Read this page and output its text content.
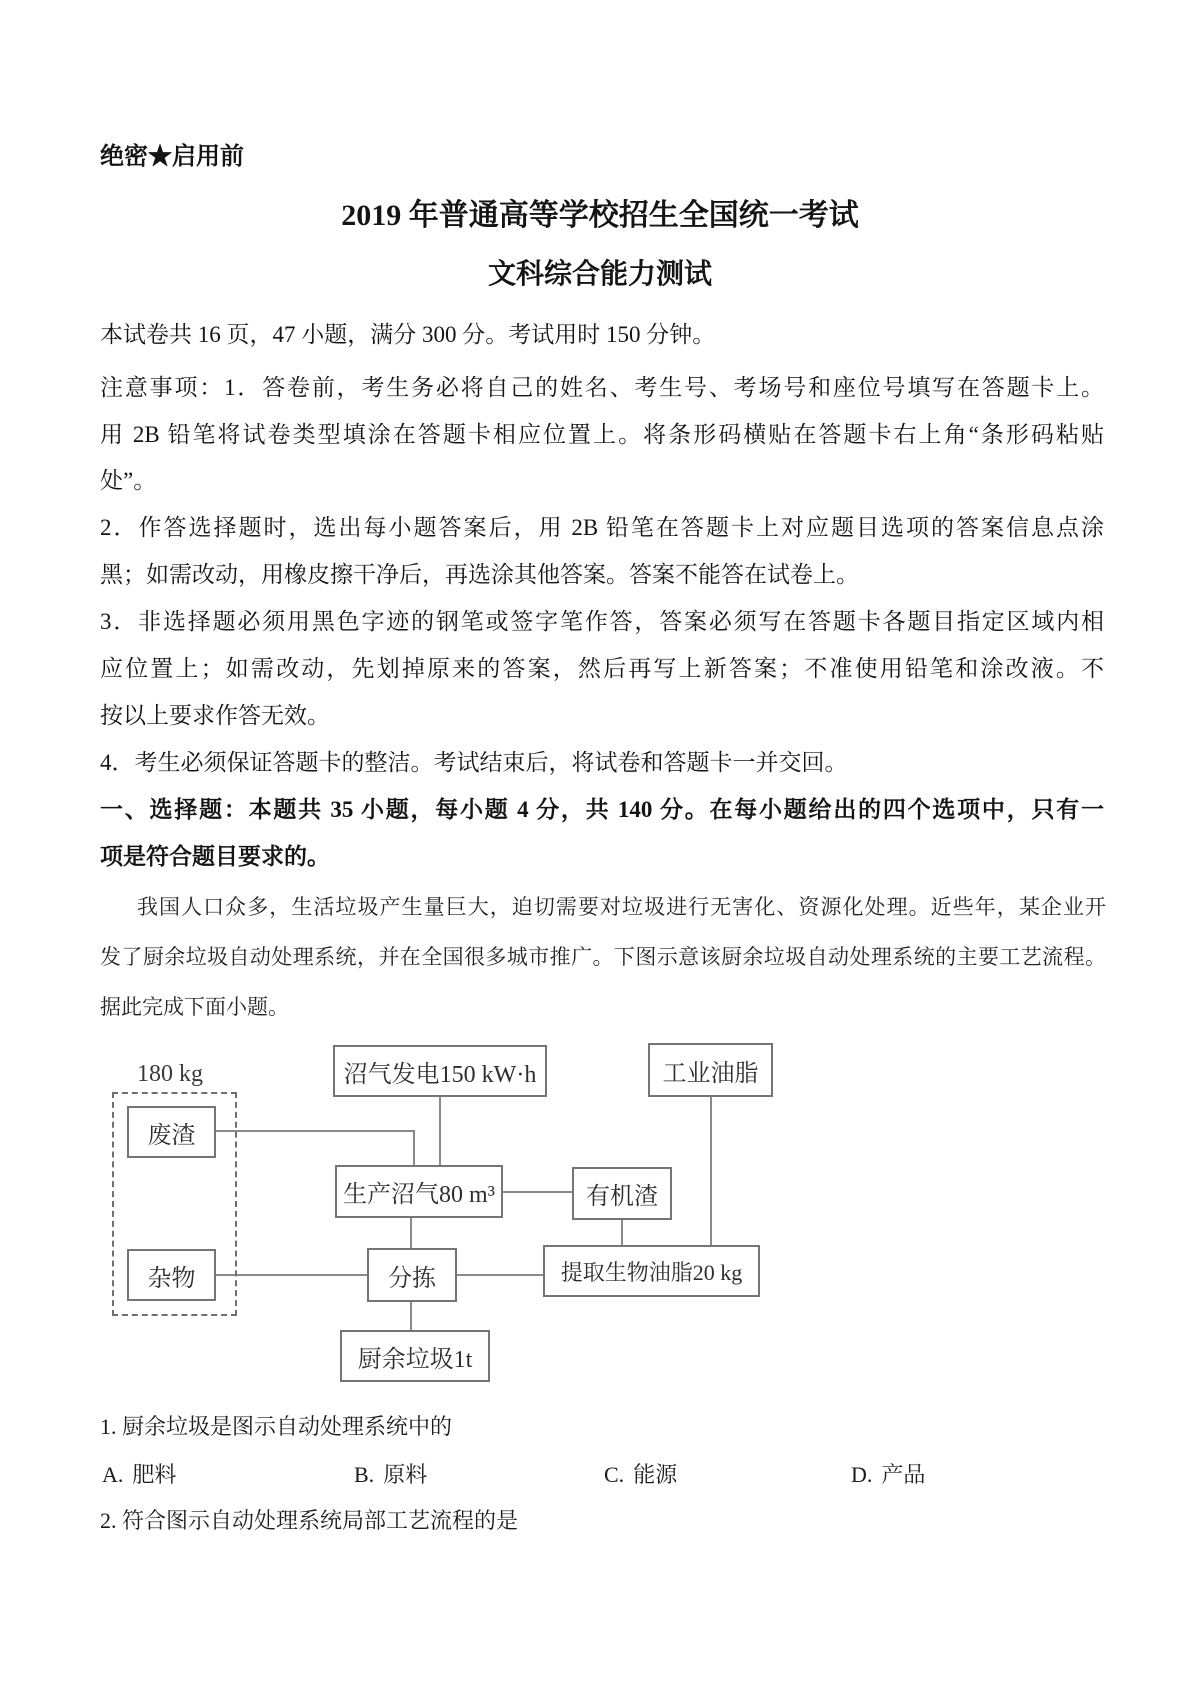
绝密★启用前
2019 年普通高等学校招生全国统一考试
文科综合能力测试
本试卷共 16 页，47 小题，满分 300 分。考试用时 150 分钟。
注意事项：1．答卷前，考生务必将自己的姓名、考生号、考场号和座位号填写在答题卡上。
用 2B 铅笔将试卷类型填涂在答题卡相应位置上。将条形码横贴在答题卡右上角“条形码粘贴
处”。
2．作答选择题时，选出每小题答案后，用 2B 铅笔在答题卡上对应题目选项的答案信息点涂
黑；如需改动，用橡皮擦干净后，再选涂其他答案。答案不能答在试卷上。
3．非选择题必须用黑色字迹的钢笔或签字笔作答，答案必须写在答题卡各题目指定区域内相
应位置上；如需改动，先划掉原来的答案，然后再写上新答案；不准使用铅笔和涂改液。不
按以上要求作答无效。
4．考生必须保证答题卡的整洁。考试结束后，将试卷和答题卡一并交回。
一、选择题：本题共 35 小题，每小题 4 分，共 140 分。在每小题给出的四个选项中，只有一
项是符合题目要求的。
我国人口众多，生活垃圾产生量巨大，迫切需要对垃圾进行无害化、资源化处理。近些年，某企业开
发了厨余垃圾自动处理系统，并在全国很多城市推广。下图示意该厨余垃圾自动处理系统的主要工艺流程。
据此完成下面小题。
180 kg	沼气发电150 kW·h	工业油脂
废渣
生产沼气80 m³	有机渣
杂物	分拣	提取生物油脂20 kg
厨余垃圾1t
1. 厨余垃圾是图示自动处理系统中的
A. 肥料	B. 原料	C. 能源	D. 产品
2. 符合图示自动处理系统局部工艺流程的是
